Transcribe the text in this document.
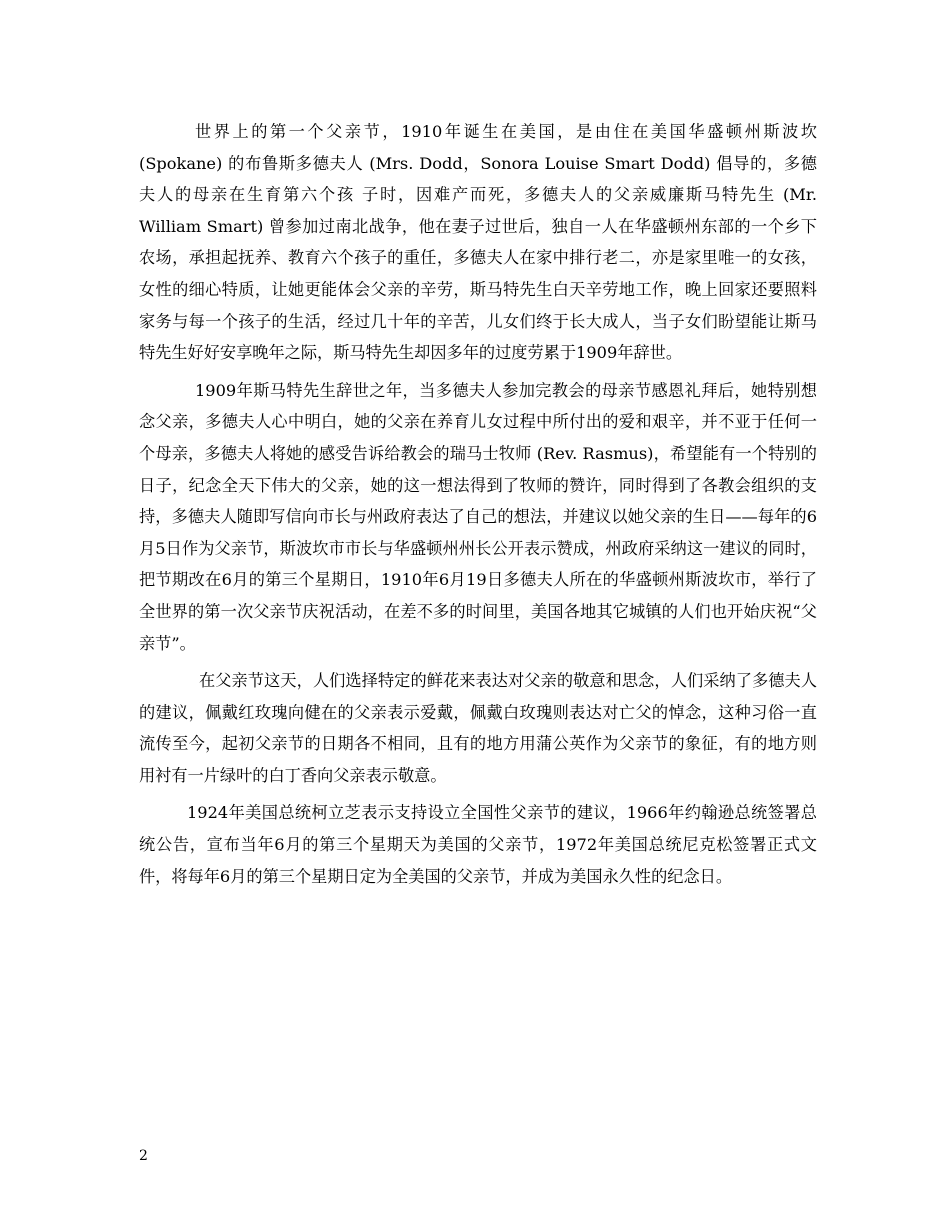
世界上的第一个父亲节，1910年诞生在美国，是由住在美国华盛顿州斯波坎(Spokane) 的布鲁斯多德夫人 (Mrs. Dodd，Sonora Louise Smart Dodd) 倡导的，多德夫人的母亲在生育第六个孩 子时，因难产而死，多德夫人的父亲威廉斯马特先生 (Mr. William Smart) 曾参加过南北战争，他在妻子过世后，独自一人在华盛顿州东部的一个乡下农场，承担起抚养、教育六个孩子的重任，多德夫人在家中排行老二，亦是家里唯一的女孩，女性的细心特质，让她更能体会父亲的辛劳，斯马特先生白天辛劳地工作，晚上回家还要照料家务与每一个孩子的生活，经过几十年的辛苦，儿女们终于长大成人，当子女们盼望能让斯马特先生好好安享晚年之际，斯马特先生却因多年的过度劳累于1909年辞世。

1909年斯马特先生辞世之年，当多德夫人参加完教会的母亲节感恩礼拜后，她特别想念父亲，多德夫人心中明白，她的父亲在养育儿女过程中所付出的爱和艰辛，并不亚于任何一个母亲，多德夫人将她的感受告诉给教会的瑞马士牧师 (Rev. Rasmus)，希望能有一个特别的日子，纪念全天下伟大的父亲，她的这一想法得到了牧师的赞许，同时得到了各教会组织的支持，多德夫人随即写信向市长与州政府表达了自己的想法，并建议以她父亲的生日——每年的6月5日作为父亲节，斯波坎市市长与华盛顿州州长公开表示赞成，州政府采纳这一建议的同时，把节期改在6月的第三个星期日，1910年6月19日多德夫人所在的华盛顿州斯波坎市，举行了全世界的第一次父亲节庆祝活动，在差不多的时间里，美国各地其它城镇的人们也开始庆祝“父亲节”。

在父亲节这天，人们选择特定的鲜花来表达对父亲的敬意和思念，人们采纳了多德夫人的建议，佩戴红玫瑰向健在的父亲表示爱戴，佩戴白玫瑰则表达对亡父的悼念，这种习俗一直流传至今，起初父亲节的日期各不相同，且有的地方用蒲公英作为父亲节的象征，有的地方则用衬有一片绿叶的白丁香向父亲表示敬意。

1924年美国总统柯立芝表示支持设立全国性父亲节的建议，1966年约翰逊总统签署总统公告，宣布当年6月的第三个星期天为美国的父亲节，1972年美国总统尼克松签署正式文件，将每年6月的第三个星期日定为全美国的父亲节，并成为美国永久性的纪念日。

2
